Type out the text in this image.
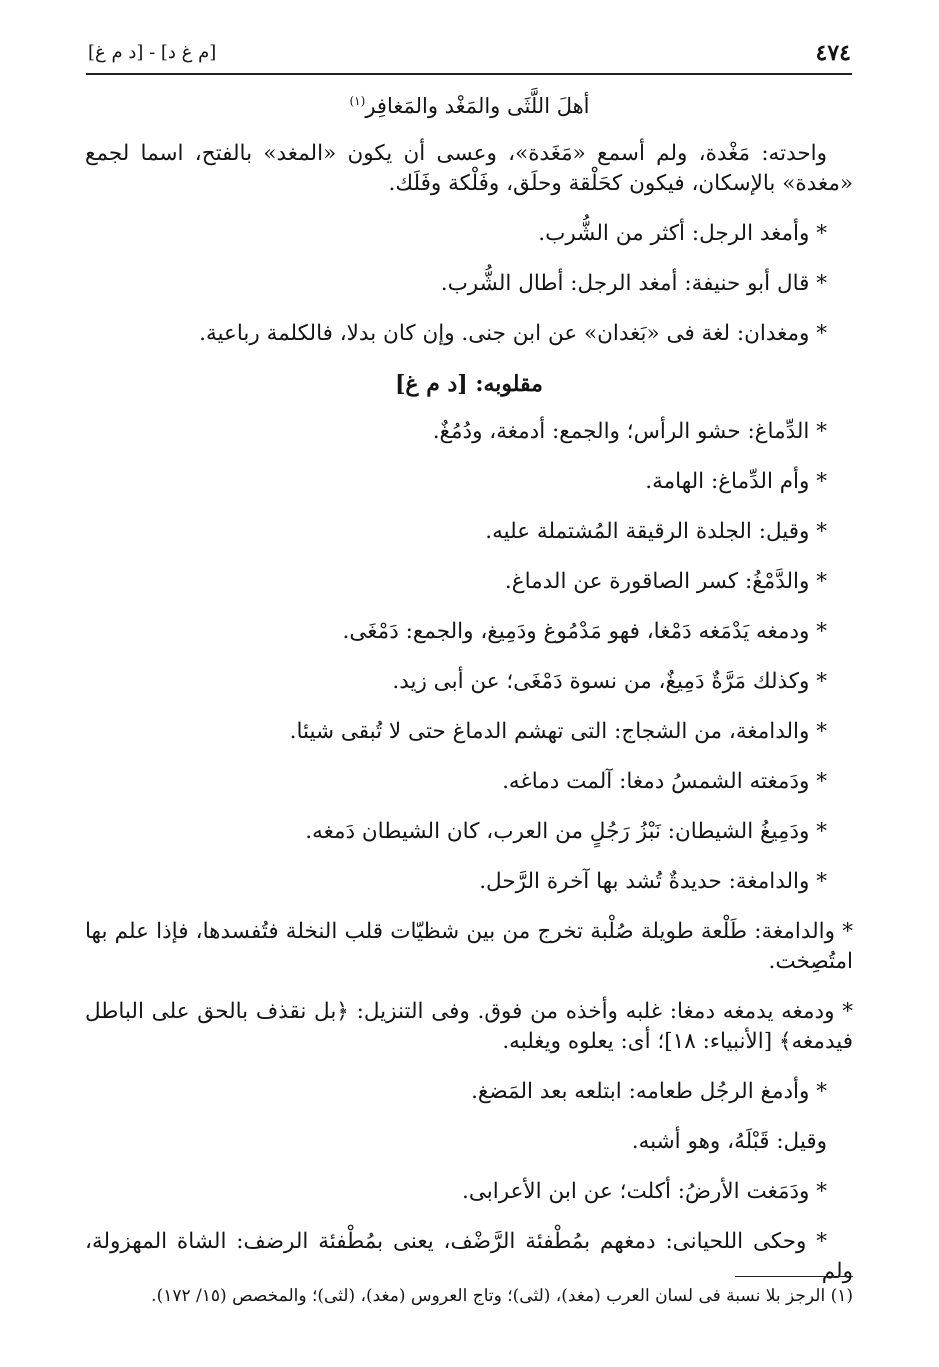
٤٧٤
[م غ د] - [د م غ]
أهلَ اللَّثَى والمَغْد والمَغافِر$^{(١)}$

واحدته: مَغْدة، ولم أسمع «مَغَدة»، وعسى أن يكون «المغد» بالفتح، اسما لجمع «مغدة» بالإسكان، فيكون كحَلْقة وحلَق، وفَلْكة وفَلَك.

* وأمغد الرجل: أكثر من الشُّرب.

* قال أبو حنيفة: أمغد الرجل: أطال الشُّرب.

* ومغدان: لغة فى «بَغدان» عن ابن جنى. وإن كان بدلا، فالكلمة رباعية.

مقلوبه: [د م غ]

* الدِّماغ: حشو الرأس؛ والجمع: أدمغة، ودُمُغٌ.

* وأم الدِّماغ: الهامة.

* وقيل: الجلدة الرقيقة المُشتملة عليه.

* والدَّمْغُ: كسر الصاقورة عن الدماغ.

* ودمغه يَدْمَغه دَمْغا، فهو مَدْمُوغ ودَمِيغ، والجمع: دَمْغَى.

* وكذلك مَرَّةٌ دَمِيغٌ، من نسوة دَمْغَى؛ عن أبى زيد.

* والدامغة، من الشجاج: التى تهشم الدماغ حتى لا تُبقى شيئا.

* ودَمغته الشمسُ دمغا: آلمت دماغه.

* ودَمِيغُ الشيطان: نَبْزُ رَجُلٍ من العرب، كان الشيطان دَمغه.

* والدامغة: حديدةٌ تُشد بها آخرة الرَّحل.

* والدامغة: طَلْعة طويلة صُلْبة تخرج من بين شظيّات قلب النخلة فتُفسدها، فإذا علم بها امتُصِخت.

* ودمغه يدمغه دمغا: غلبه وأخذه من فوق. وفى التنزيل: ﴿بل نقذف بالحق على الباطل فيدمغه﴾ [الأنبياء: ١٨]؛ أى: يعلوه ويغلبه.

* وأدمغ الرجُل طعامه: ابتلعه بعد المَضغ.

وقيل: قَبْلَهُ، وهو أشبه.

* ودَمَغت الأرضُ: أكلت؛ عن ابن الأعرابى.

* وحكى اللحيانى: دمغهم بمُطْفئة الرَّضْف، يعنى بمُطْفئة الرضف: الشاة المهزولة، ولم

(١) الرجز بلا نسبة فى لسان العرب (مغد)، (لثى)؛ وتاج العروس (مغد)، (لثى)؛ والمخصص (١٥/ ١٧٢).
